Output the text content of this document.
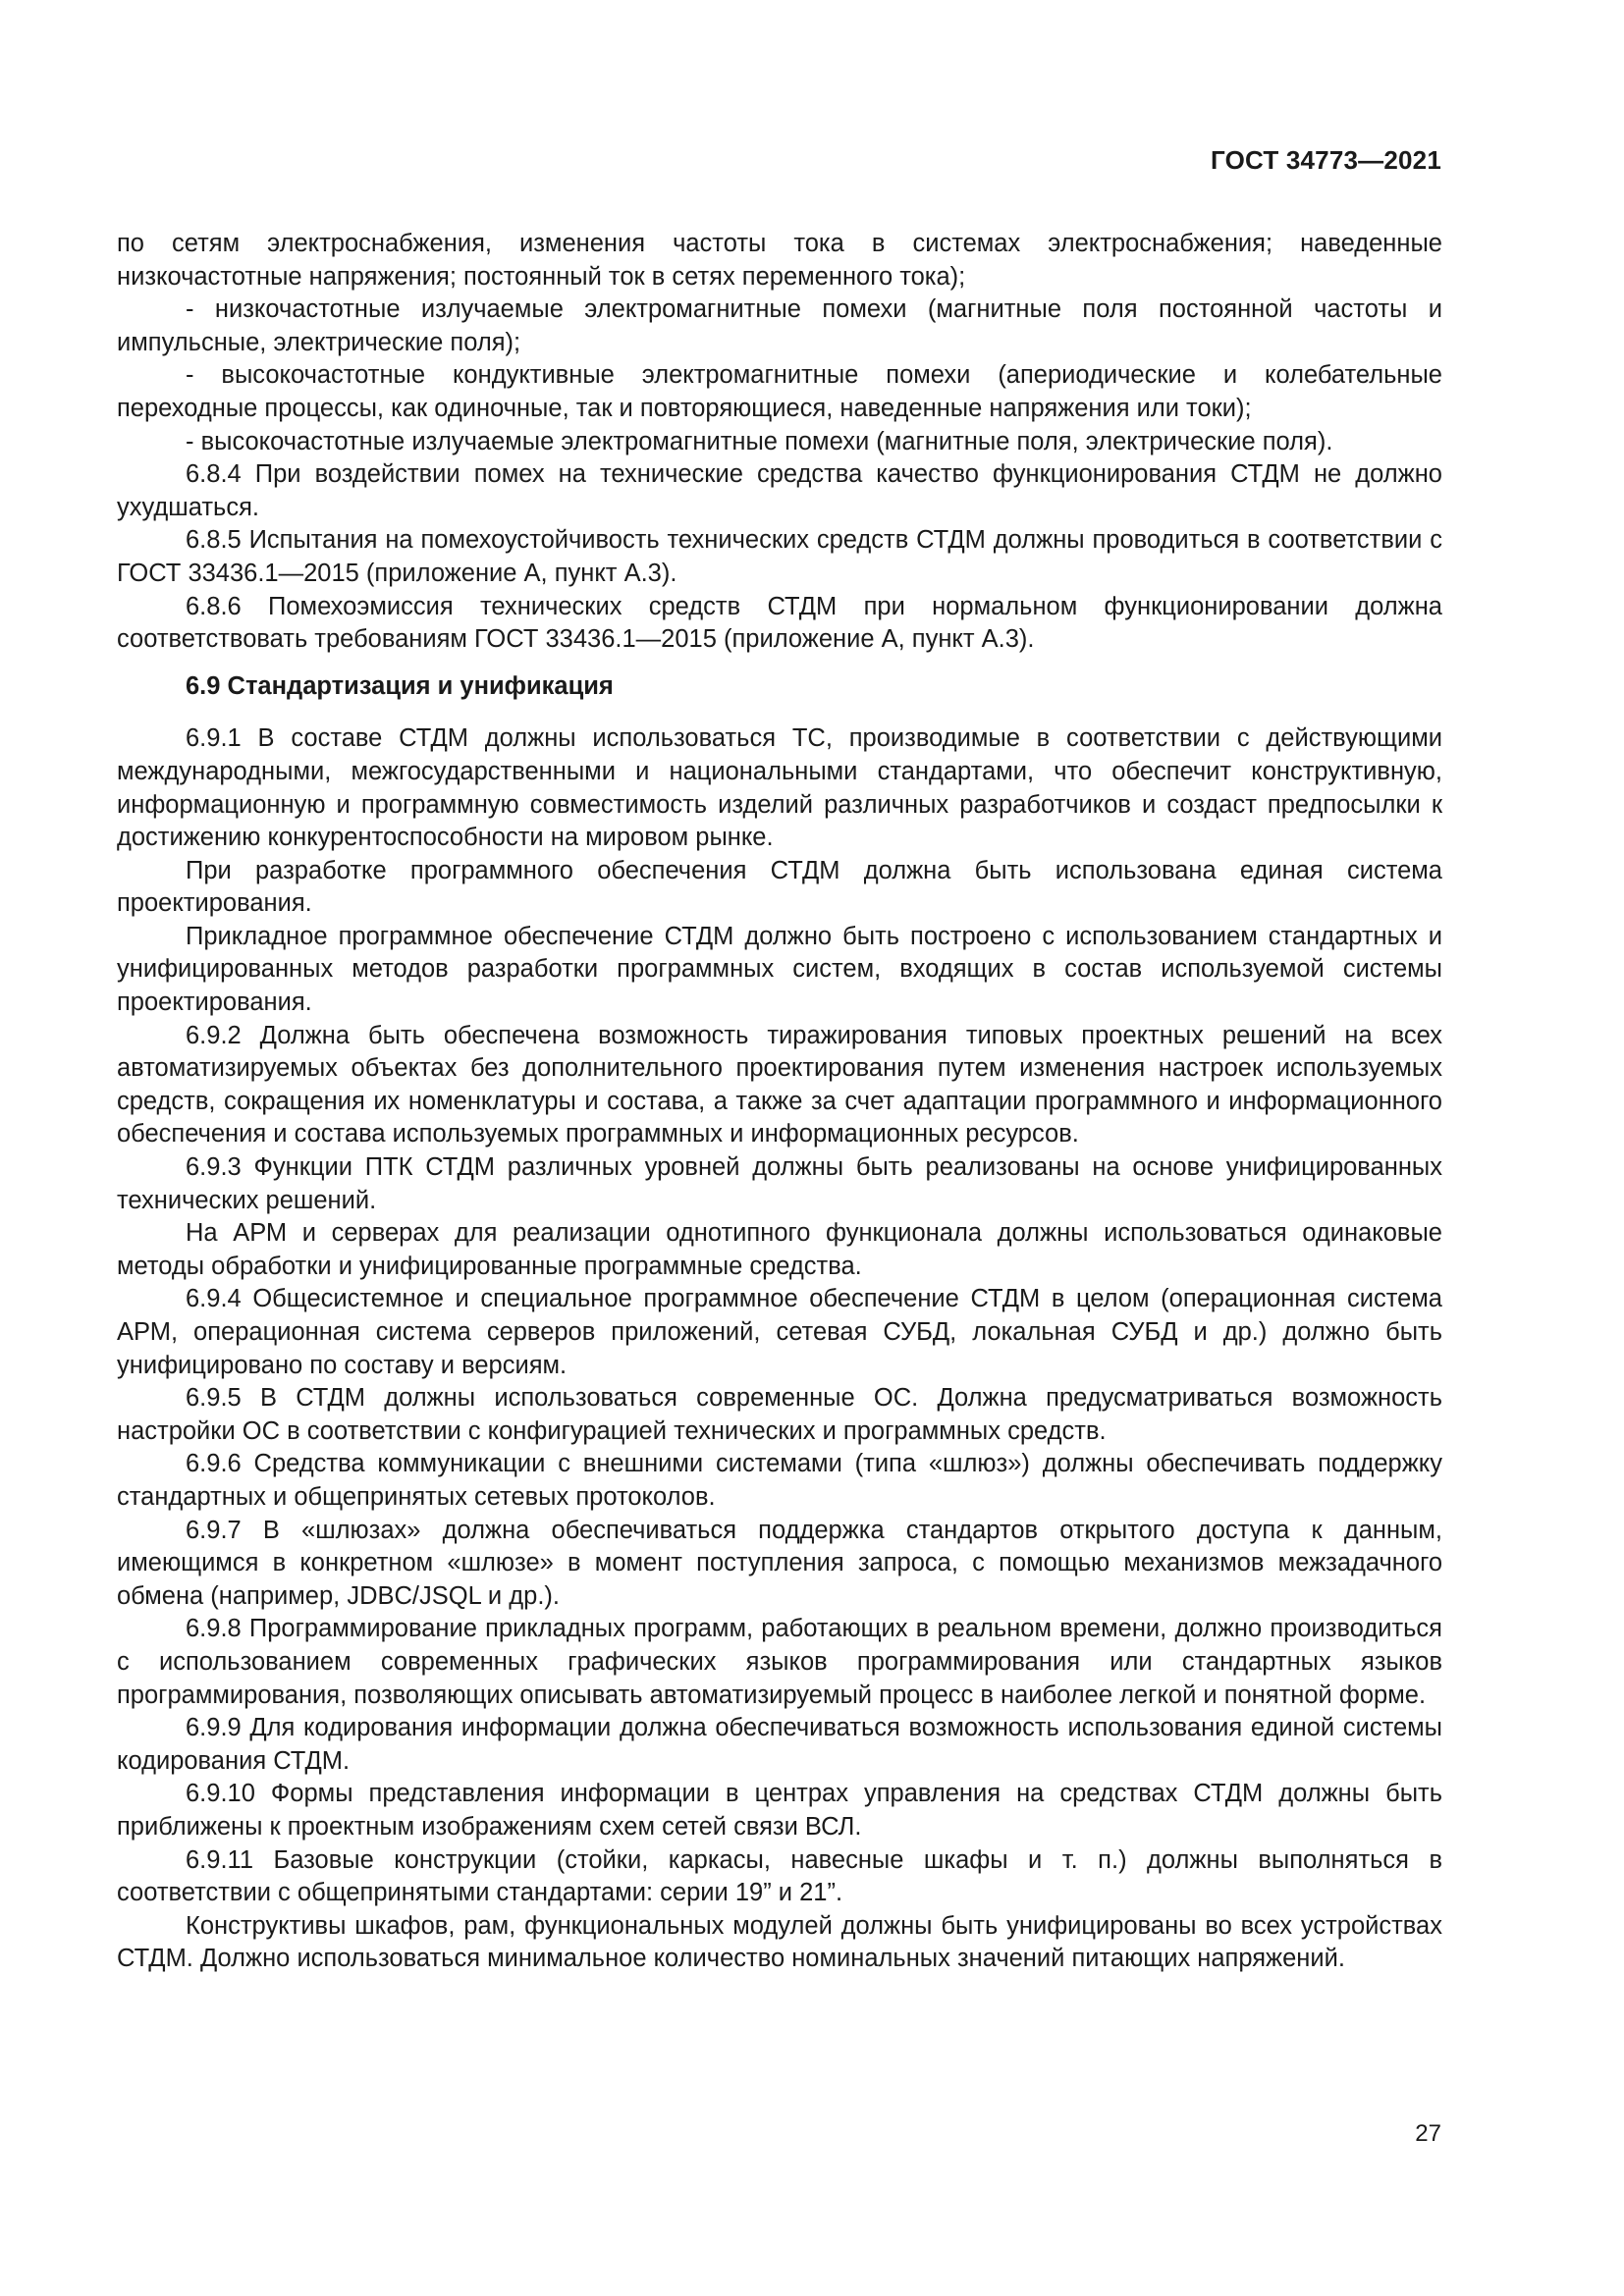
ГОСТ 34773—2021

по сетям электроснабжения, изменения частоты тока в системах электроснабжения; наведенные низкочастотные напряжения; постоянный ток в сетях переменного тока);

- низкочастотные излучаемые электромагнитные помехи (магнитные поля постоянной частоты и импульсные, электрические поля);

- высокочастотные кондуктивные электромагнитные помехи (апериодические и колебательные переходные процессы, как одиночные, так и повторяющиеся, наведенные напряжения или токи);

- высокочастотные излучаемые электромагнитные помехи (магнитные поля, электрические поля).

6.8.4 При воздействии помех на технические средства качество функционирования СТДМ не должно ухудшаться.

6.8.5 Испытания на помехоустойчивость технических средств СТДМ должны проводиться в соответствии с ГОСТ 33436.1—2015 (приложение А, пункт А.3).

6.8.6 Помехоэмиссия технических средств СТДМ при нормальном функционировании должна соответствовать требованиям ГОСТ 33436.1—2015 (приложение А, пункт А.3).

6.9 Стандартизация и унификация

6.9.1 В составе СТДМ должны использоваться ТС, производимые в соответствии с действующими международными, межгосударственными и национальными стандартами, что обеспечит конструктивную, информационную и программную совместимость изделий различных разработчиков и создаст предпосылки к достижению конкурентоспособности на мировом рынке.

При разработке программного обеспечения СТДМ должна быть использована единая система проектирования.

Прикладное программное обеспечение СТДМ должно быть построено с использованием стандартных и унифицированных методов разработки программных систем, входящих в состав используемой системы проектирования.

6.9.2 Должна быть обеспечена возможность тиражирования типовых проектных решений на всех автоматизируемых объектах без дополнительного проектирования путем изменения настроек используемых средств, сокращения их номенклатуры и состава, а также за счет адаптации программного и информационного обеспечения и состава используемых программных и информационных ресурсов.

6.9.3 Функции ПТК СТДМ различных уровней должны быть реализованы на основе унифицированных технических решений.

На АРМ и серверах для реализации однотипного функционала должны использоваться одинаковые методы обработки и унифицированные программные средства.

6.9.4 Общесистемное и специальное программное обеспечение СТДМ в целом (операционная система АРМ, операционная система серверов приложений, сетевая СУБД, локальная СУБД и др.) должно быть унифицировано по составу и версиям.

6.9.5 В СТДМ должны использоваться современные ОС. Должна предусматриваться возможность настройки ОС в соответствии с конфигурацией технических и программных средств.

6.9.6 Средства коммуникации с внешними системами (типа «шлюз») должны обеспечивать поддержку стандартных и общепринятых сетевых протоколов.

6.9.7 В «шлюзах» должна обеспечиваться поддержка стандартов открытого доступа к данным, имеющимся в конкретном «шлюзе» в момент поступления запроса, с помощью механизмов межзадачного обмена (например, JDBC/JSQL и др.).

6.9.8 Программирование прикладных программ, работающих в реальном времени, должно производиться с использованием современных графических языков программирования или стандартных языков программирования, позволяющих описывать автоматизируемый процесс в наиболее легкой и понятной форме.

6.9.9 Для кодирования информации должна обеспечиваться возможность использования единой системы кодирования СТДМ.

6.9.10 Формы представления информации в центрах управления на средствах СТДМ должны быть приближены к проектным изображениям схем сетей связи ВСЛ.

6.9.11 Базовые конструкции (стойки, каркасы, навесные шкафы и т. п.) должны выполняться в соответствии с общепринятыми стандартами: серии 19” и 21”.

Конструктивы шкафов, рам, функциональных модулей должны быть унифицированы во всех устройствах СТДМ. Должно использоваться минимальное количество номинальных значений питающих напряжений.

27
